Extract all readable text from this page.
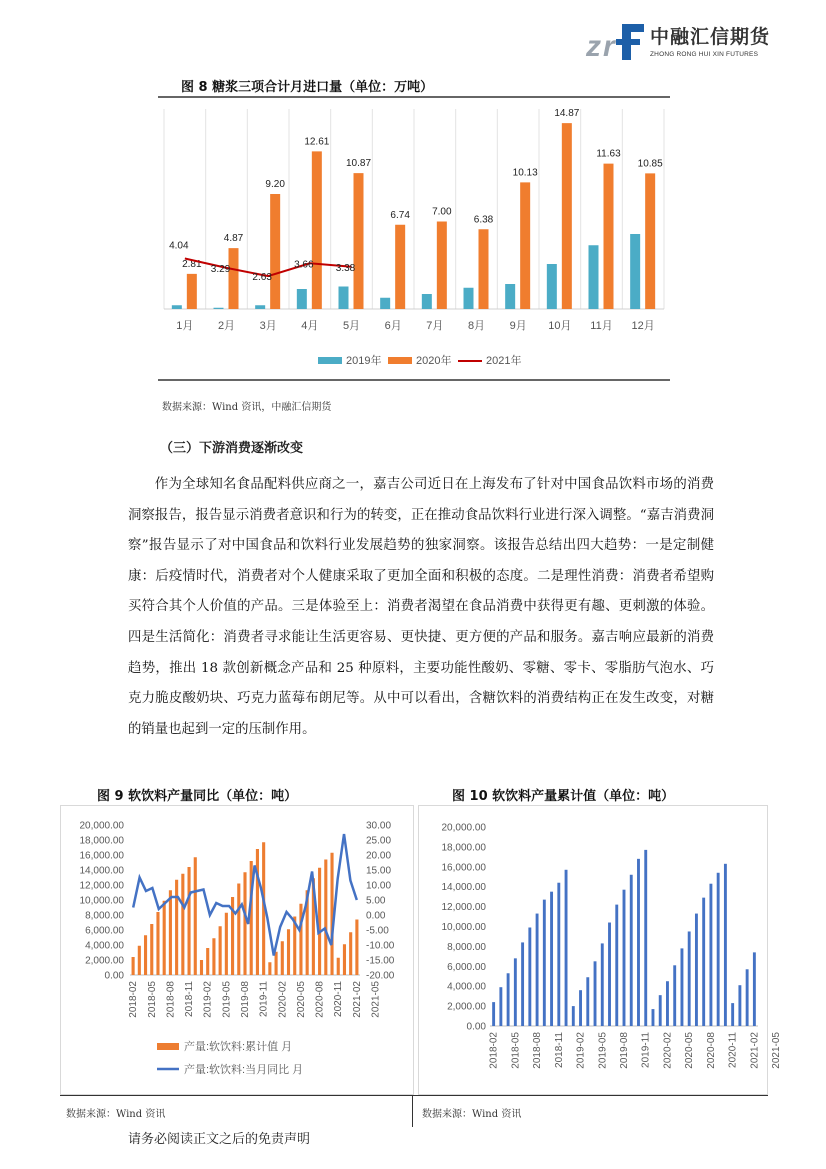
z r 中融汇信期货
ZHONG RONG HUI XIN FUTURES
图 8 糖浆三项合计月进口量（单位：万吨）
2.81
1月
4.87
2月
9.20
3月
12.61
4月
10.87
5月
6.74
6月
7.00
7月
6.38
8月
10.13
9月
14.87
10月
11.63
11月
10.85
12月
4.04
3.29
2.63
3.66 3.38
2019年	2020年	2021年
数据来源：Wind 资讯，中融汇信期货
（三）下游消费逐渐改变

作为全球知名食品配料供应商之一，嘉吉公司近日在上海发布了针对中国食品饮料市场的消费洞察报告，报告显示消费者意识和行为的转变，正在推动食品饮料行业进行深入调整。“嘉吉消费洞察”报告显示了对中国食品和饮料行业发展趋势的独家洞察。该报告总结出四大趋势：一是定制健康：后疫情时代，消费者对个人健康采取了更加全面和积极的态度。二是理性消费：消费者希望购买符合其个人价值的产品。三是体验至上：消费者渴望在食品消费中获得更有趣、更刺激的体验。四是生活简化：消费者寻求能让生活更容易、更快捷、更方便的产品和服务。嘉吉响应最新的消费趋势，推出 18 款创新概念产品和 25 种原料，主要功能性酸奶、零糖、零卡、零脂肪气泡水、巧克力脆皮酸奶块、巧克力蓝莓布朗尼等。从中可以看出，含糖饮料的消费结构正在发生改变，对糖的销量也起到一定的压制作用。

图 9 软饮料产量同比（单位：吨）
20,000.00
18,000.00
16,000.00
14,000.00
12,000.00
10,000.00
8,000.00
6,000.00
4,000.00
2,000.00
0.00
30.00
25.00
20.00
15.00
10.00
5.00
0.00
-5.00
-10.00
-15.00
-20.00
2018-02 2018-05 2018-08 2018-11 2019-02 2019-05 2019-08 2019-11 2020-02 2020-05 2020-08 2020-11 2021-02 2021-05
产量:软饮料:累计值 月
产量:软饮料:当月同比 月
图 10 软饮料产量累计值（单位：吨）
20,000.00
18,000.00
16,000.00
14,000.00
12,000.00
10,000.00
8,000.00
6,000.00
4,000.00
2,000.00
0.00
2018-02 2018-05 2018-08 2018-11 2019-02 2019-05 2019-08 2019-11 2020-02 2020-05 2020-08 2020-11 2021-02 2021-05
数据来源：Wind 资讯	数据来源：Wind 资讯
请务必阅读正文之后的免责声明
